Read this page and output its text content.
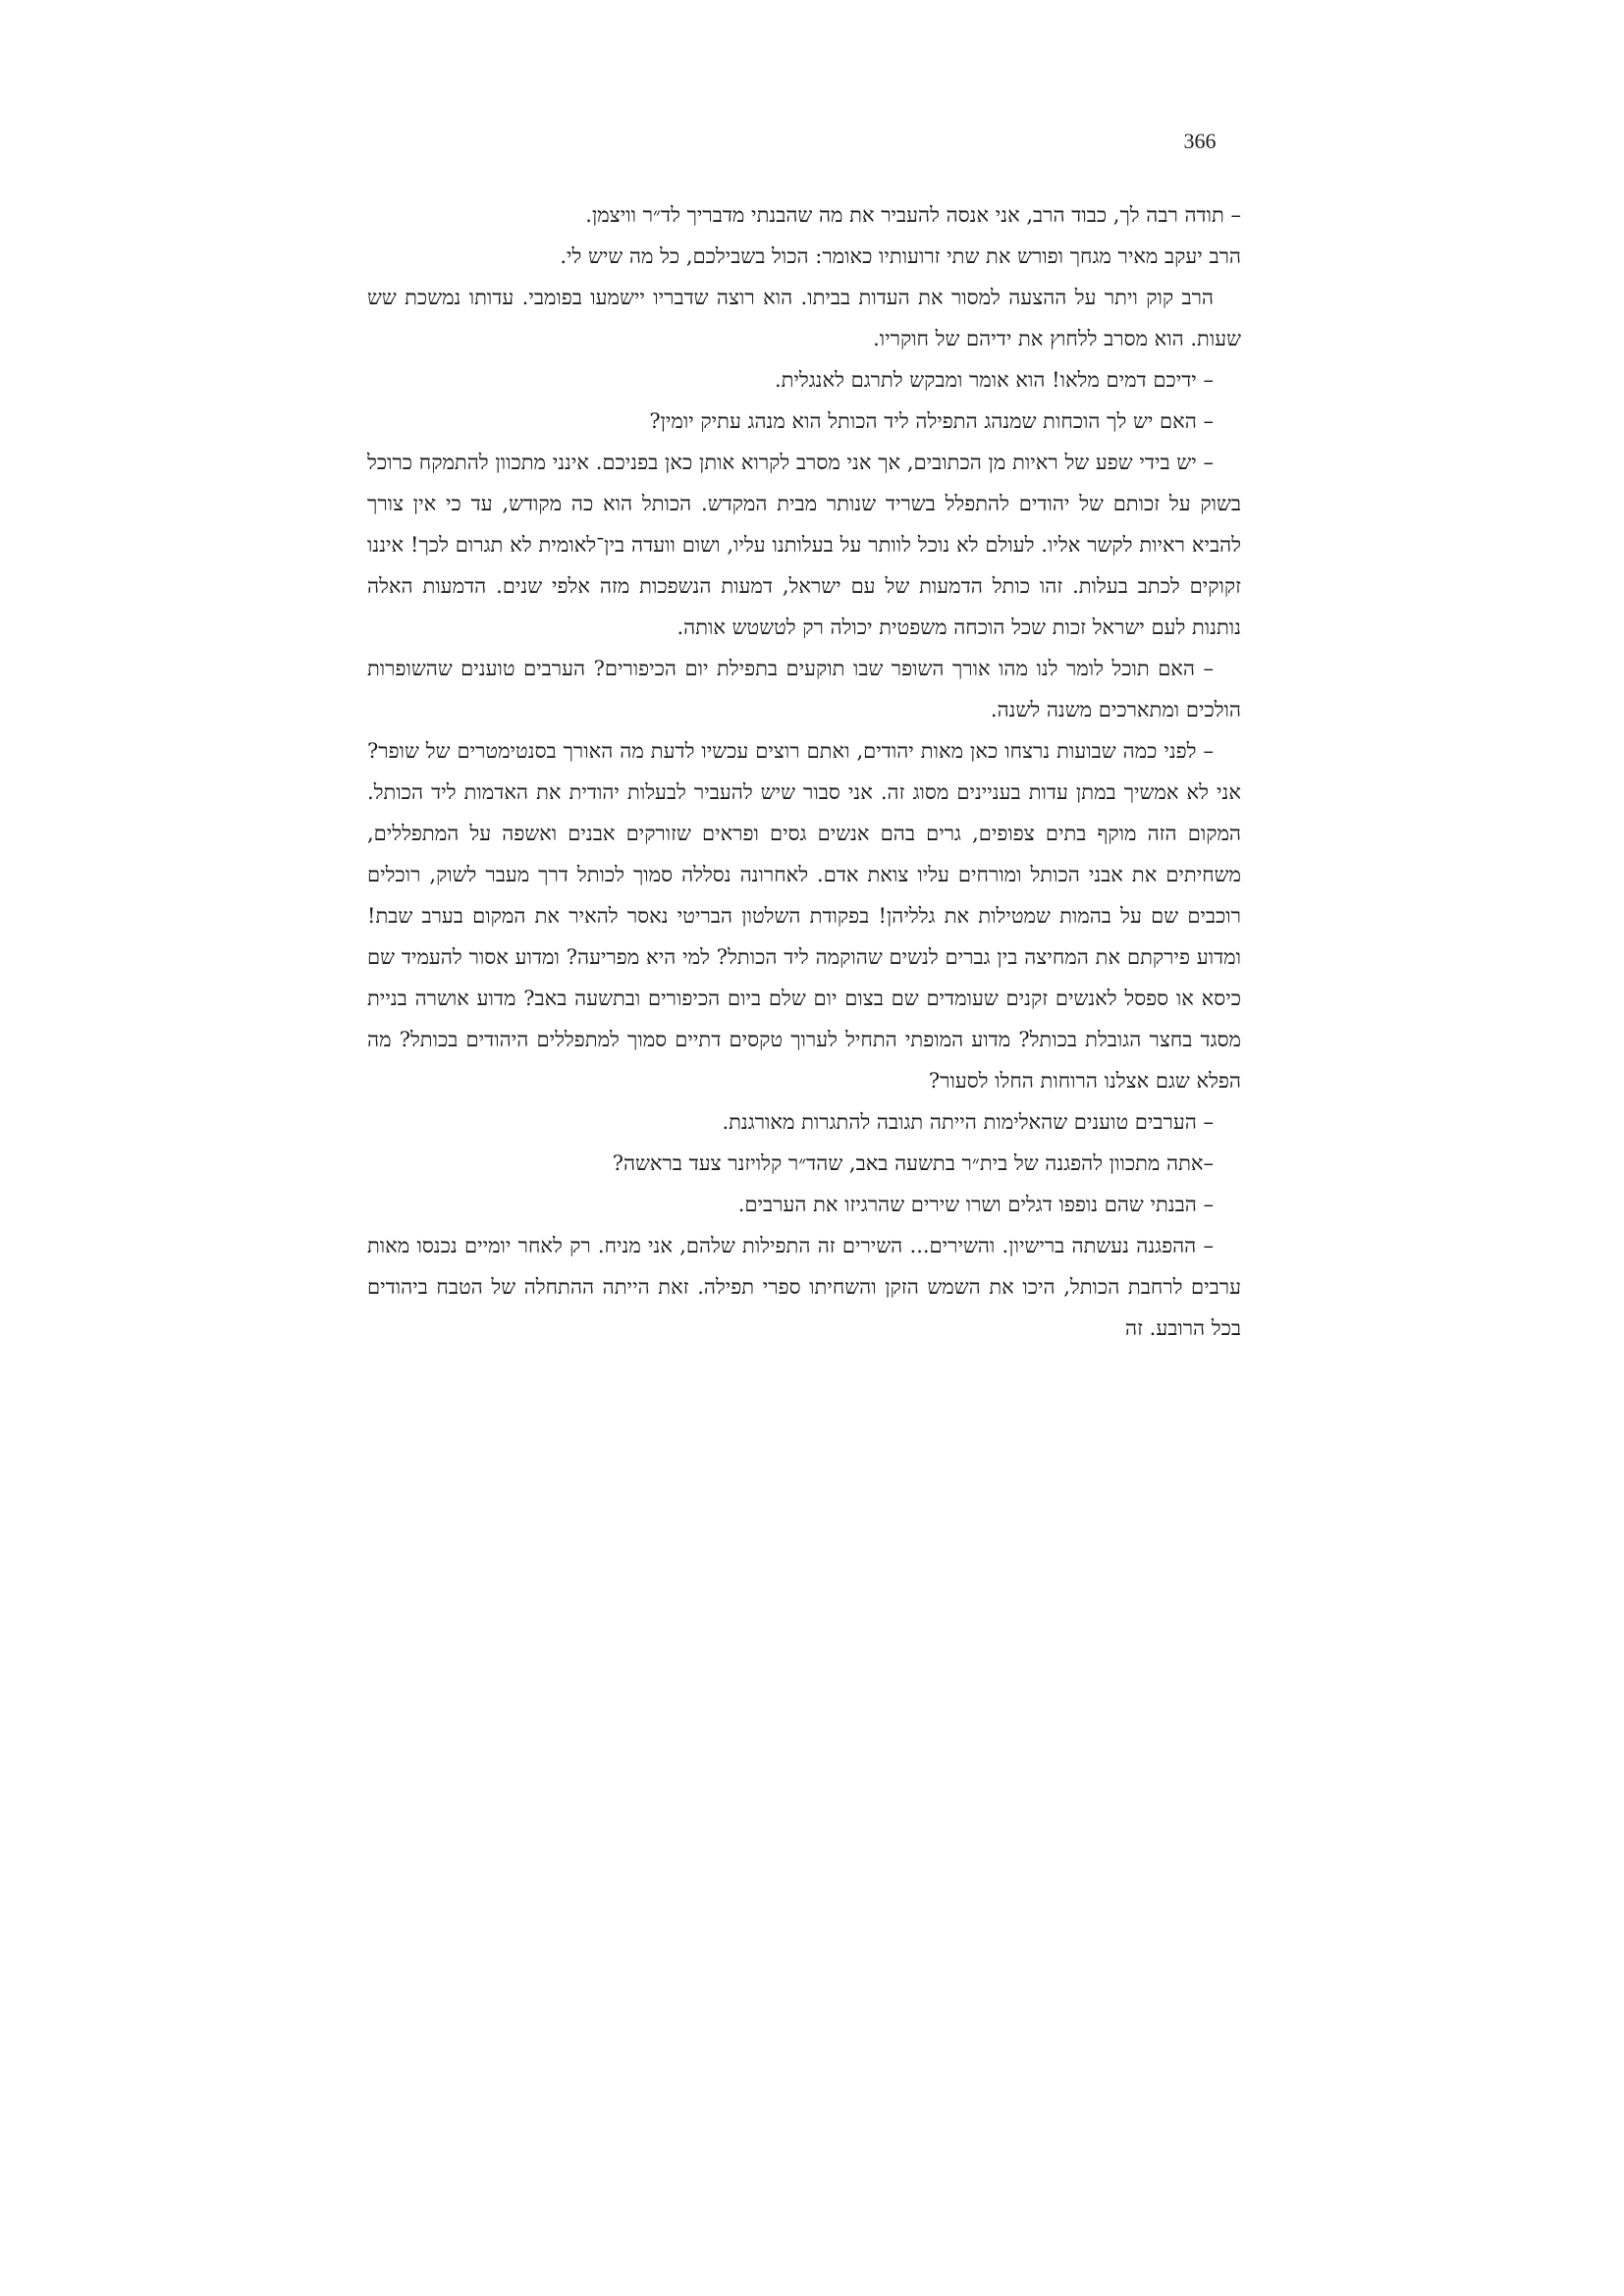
366

– תודה רבה לך, כבוד הרב, אני אנסה להעביר את מה שהבנתי מדבריך לד״ר וויצמן.

הרב יעקב מאיר מגחך ופורש את שתי זרועותיו כאומר: הכול בשבילכם, כל מה שיש לי.

הרב קוק ויתר על ההצעה למסור את העדות בביתו. הוא רוצה שדבריו יישמעו בפומבי. עדותו נמשכת שש שעות. הוא מסרב ללחוץ את ידיהם של חוקריו.

– ידיכם דמים מלאו! הוא אומר ומבקש לתרגם לאנגלית.

– האם יש לך הוכחות שמנהג התפילה ליד הכותל הוא מנהג עתיק יומין?

– יש בידי שפע של ראיות מן הכתובים, אך אני מסרב לקרוא אותן כאן בפניכם. אינני מתכוון להתמקח כרוכל בשוק על זכותם של יהודים להתפלל בשריד שנותר מבית המקדש. הכותל הוא כה מקודש, עד כי אין צורך להביא ראיות לקשר אליו. לעולם לא נוכל לוותר על בעלותנו עליו, ושום וועדה בין־לאומית לא תגרום לכך! איננו זקוקים לכתב בעלות. זהו כותל הדמעות של עם ישראל, דמעות הנשפכות מזה אלפי שנים. הדמעות האלה נותנות לעם ישראל זכות שכל הוכחה משפטית יכולה רק לטשטש אותה.

– האם תוכל לומר לנו מהו אורך השופר שבו תוקעים בתפילת יום הכיפורים? הערבים טוענים שהשופרות הולכים ומתארכים משנה לשנה.

– לפני כמה שבועות נרצחו כאן מאות יהודים, ואתם רוצים עכשיו לדעת מה האורך בסנטימטרים של שופר? אני לא אמשיך במתן עדות בעניינים מסוג זה. אני סבור שיש להעביר לבעלות יהודית את האדמות ליד הכותל. המקום הזה מוקף בתים צפופים, גרים בהם אנשים גסים ופראים שזורקים אבנים ואשפה על המתפללים, משחיתים את אבני הכותל ומורחים עליו צואת אדם. לאחרונה נסללה סמוך לכותל דרך מעבר לשוק, רוכלים רוכבים שם על בהמות שמטילות את גלליהן! בפקודת השלטון הבריטי נאסר להאיר את המקום בערב שבת! ומדוע פירקתם את המחיצה בין גברים לנשים שהוקמה ליד הכותל? למי היא מפריעה? ומדוע אסור להעמיד שם כיסא או ספסל לאנשים זקנים שעומדים שם בצום יום שלם ביום הכיפורים ובתשעה באב? מדוע אושרה בניית מסגד בחצר הגובלת בכותל? מדוע המופתי התחיל לערוך טקסים דתיים סמוך למתפללים היהודים בכותל? מה הפלא שגם אצלנו הרוחות החלו לסעור?

– הערבים טוענים שהאלימות הייתה תגובה להתגרות מאורגנת.

–אתה מתכוון להפגנה של בית״ר בתשעה באב, שהד״ר קלויזנר צעד בראשה?

– הבנתי שהם נופפו דגלים ושרו שירים שהרגיזו את הערבים.

– ההפגנה נעשתה ברישיון. והשירים... השירים זה התפילות שלהם, אני מניח. רק לאחר יומיים נכנסו מאות ערבים לרחבת הכותל, היכו את השמש הזקן והשחיתו ספרי תפילה. זאת הייתה ההתחלה של הטבח ביהודים בכל הרובע. זה
